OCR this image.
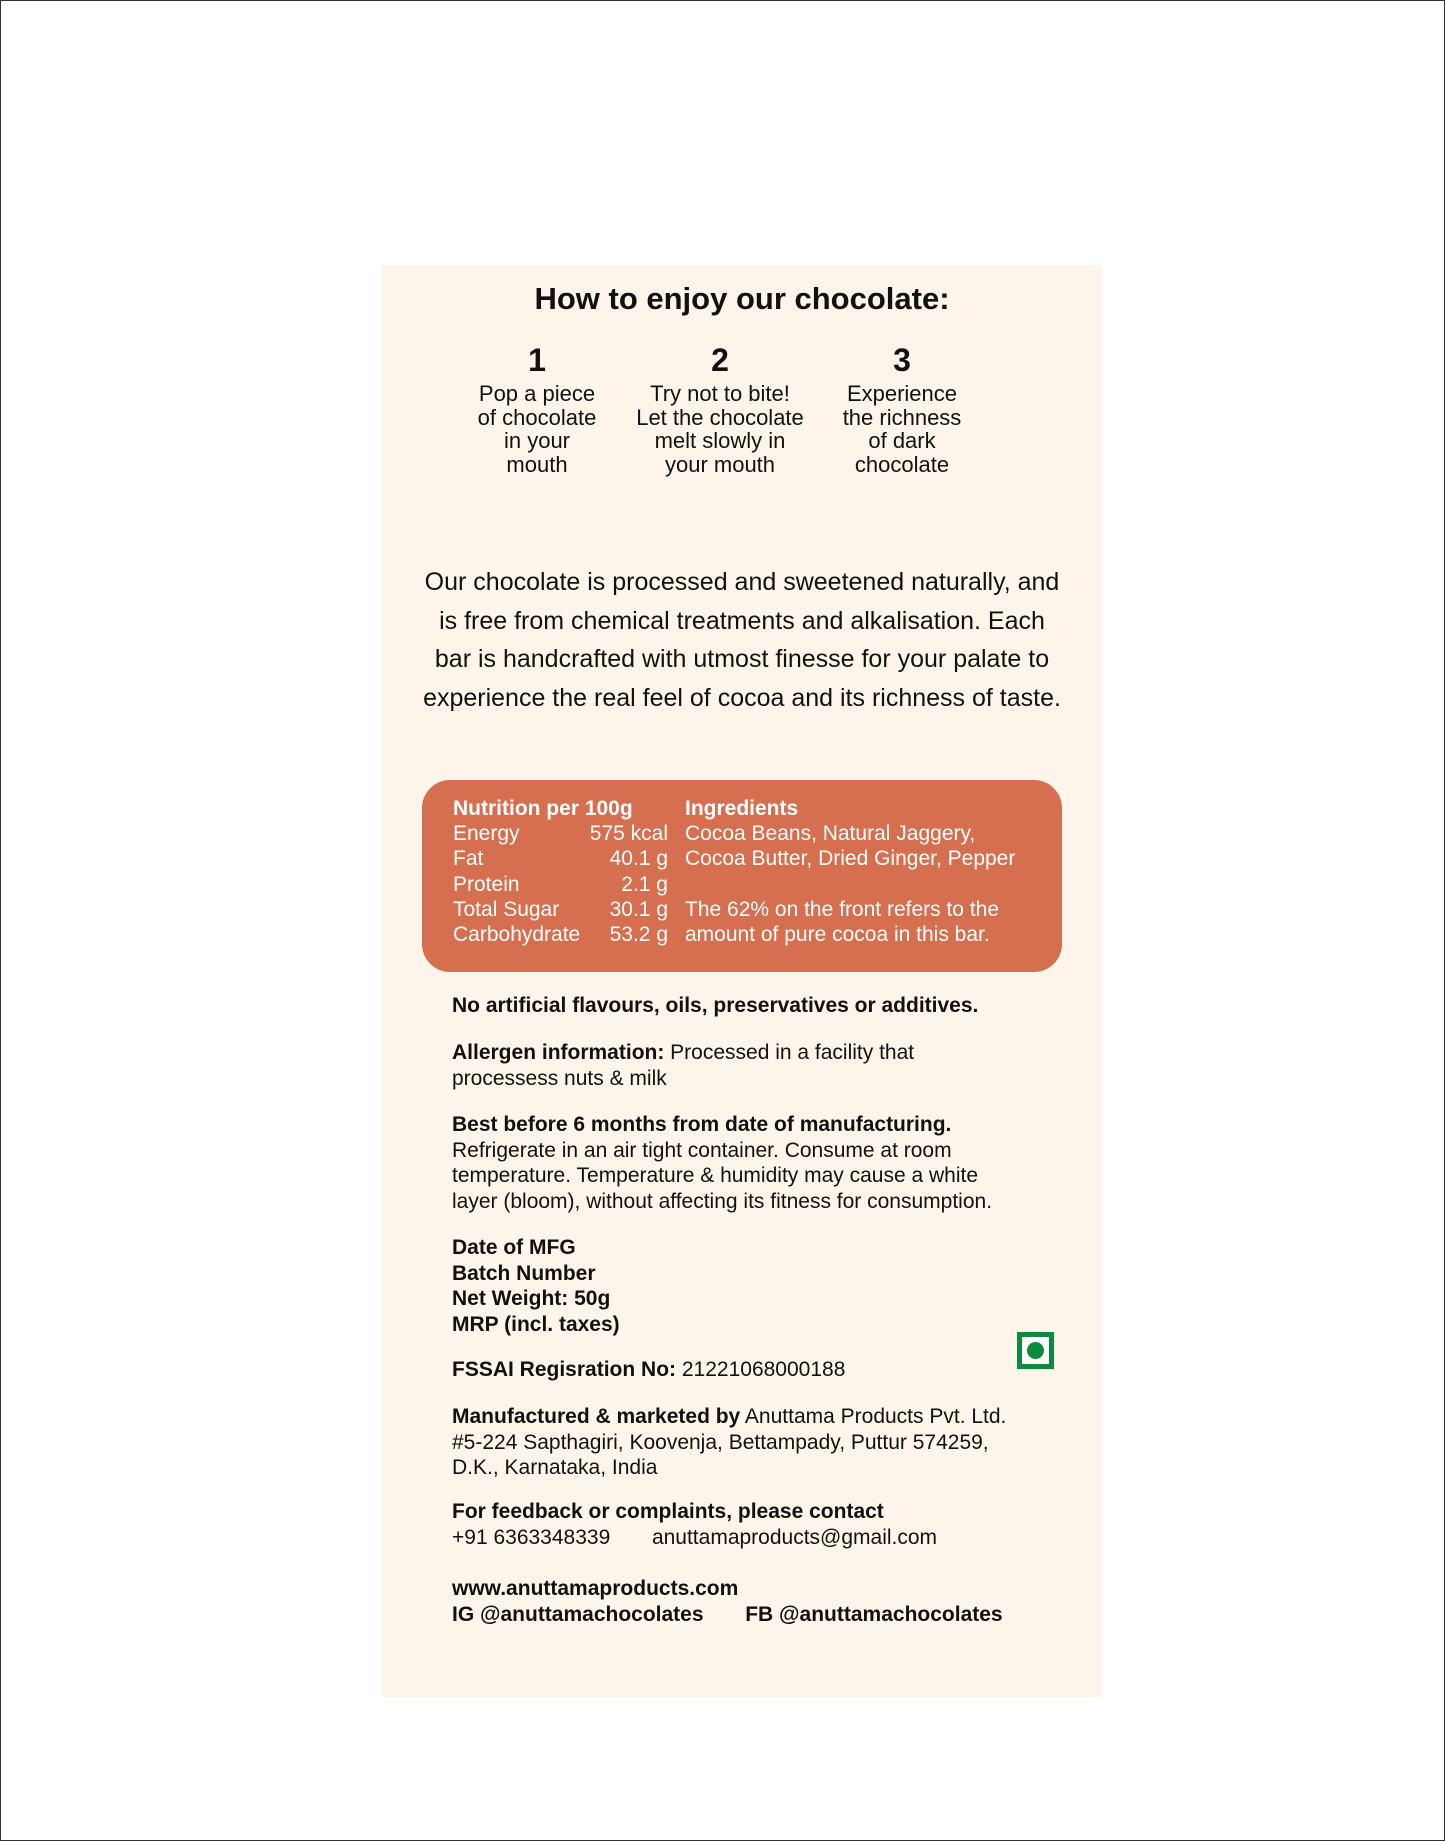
How to enjoy our chocolate:
1
Pop a piece
of chocolate
in your
mouth
2
Try not to bite!
Let the chocolate
melt slowly in
your mouth
3
Experience
the richness
of dark
chocolate
Our chocolate is processed and sweetened naturally, and is free from chemical treatments and alkalisation. Each bar is handcrafted with utmost finesse for your palate to experience the real feel of cocoa and its richness of taste.
Nutrition per 100g
Energy	575 kcal
Fat	40.1 g
Protein	2.1 g
Total Sugar 30.1 g
Carbohydrate 53.2 g
Ingredients
Cocoa Beans, Natural Jaggery,
Cocoa Butter, Dried Ginger, Pepper
The 62% on the front refers to the
amount of pure cocoa in this bar.
No artificial flavours, oils, preservatives or additives.
Allergen information: Processed in a facility that
processess nuts & milk
Best before 6 months from date of manufacturing.
Refrigerate in an air tight container. Consume at room
temperature. Temperature & humidity may cause a white
layer (bloom), without affecting its fitness for consumption.
Date of MFG
Batch Number
Net Weight: 50g
MRP (incl. taxes)
FSSAI Regisration No: 21221068000188
Manufactured & marketed by Anuttama Products Pvt. Ltd.
#5-224 Sapthagiri, Koovenja, Bettampady, Puttur 574259,
D.K., Karnataka, India
For feedback or complaints, please contact
+91 6363348339 anuttamaproducts@gmail.com
www.anuttamaproducts.com
IG @anuttamachocolates FB @anuttamachocolates
